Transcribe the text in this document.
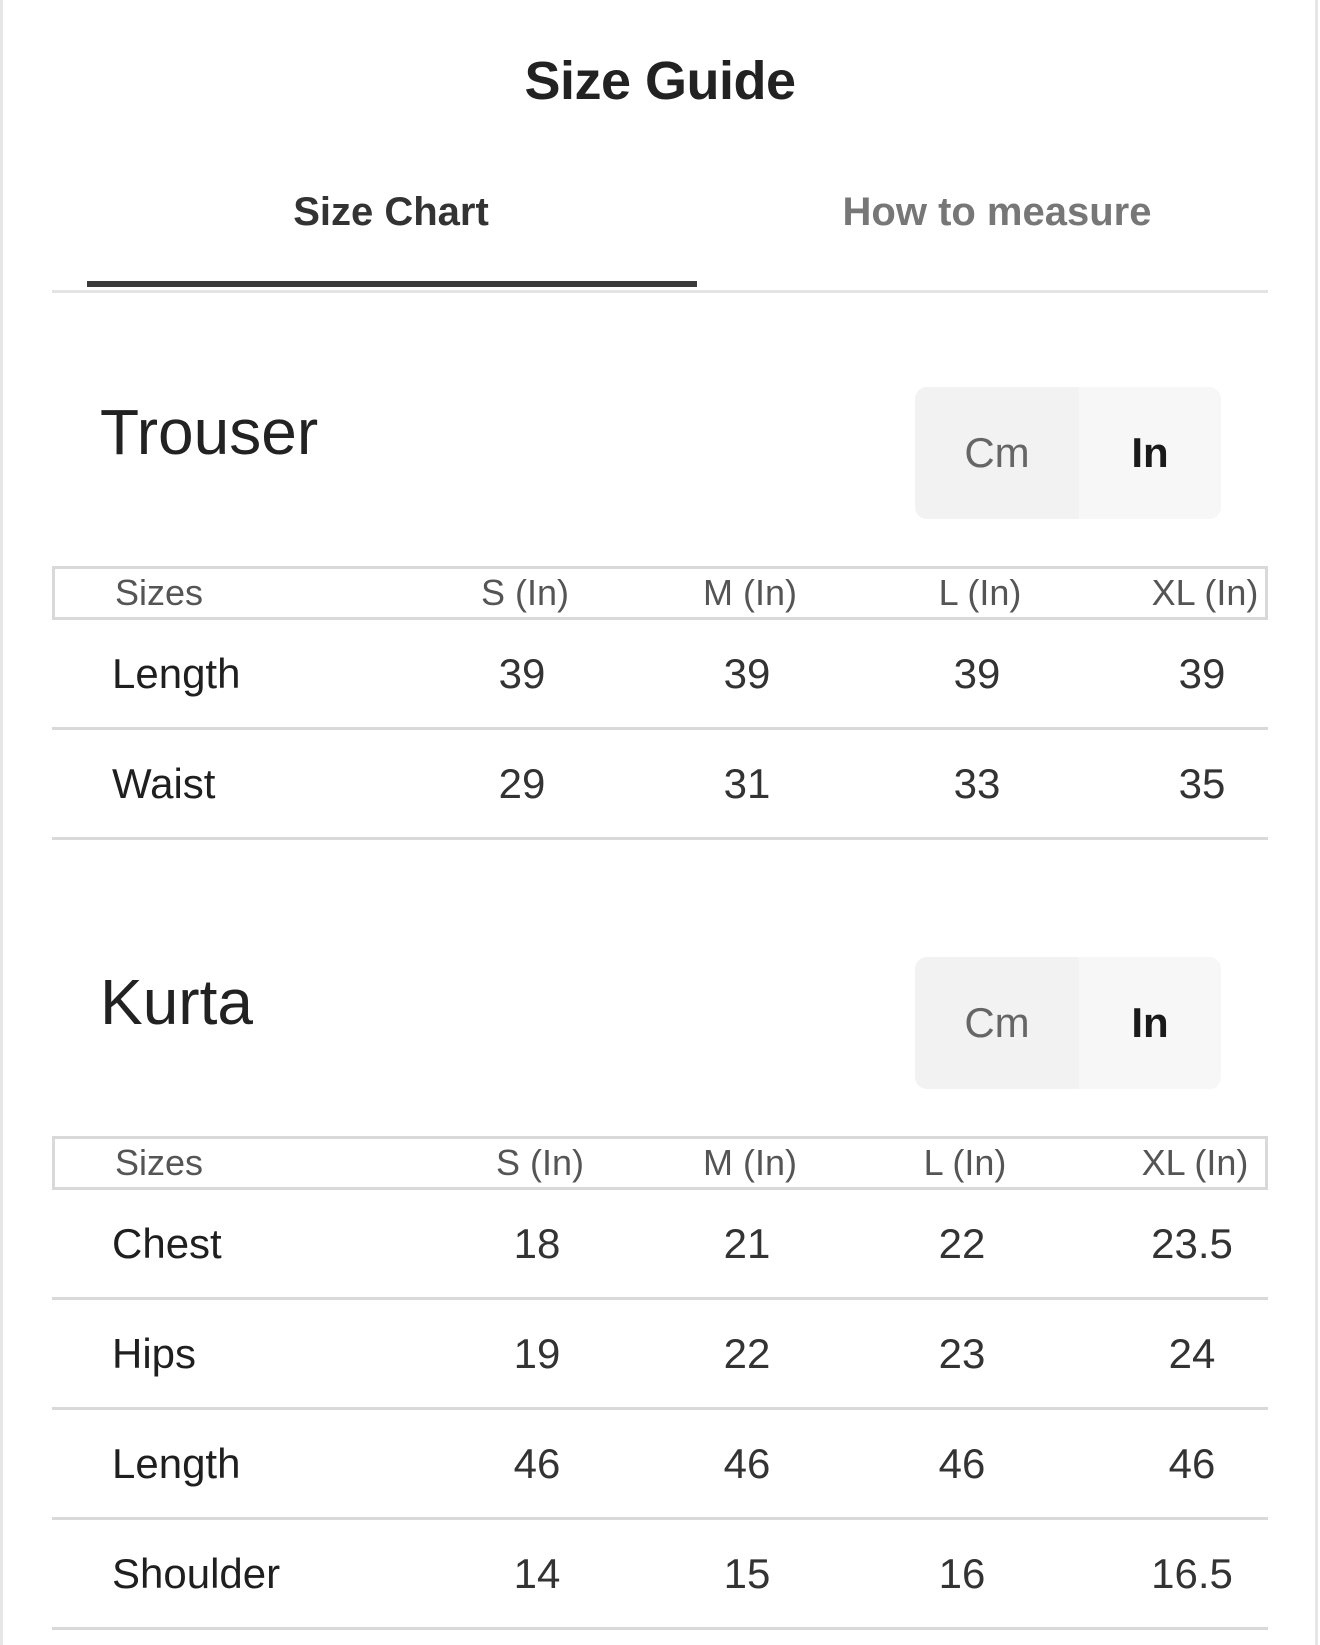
Size Guide
Size Chart	How to measure
Trouser	Cm	In
Sizes	S (In)	M (In)	L (In)	XL (In)
Length	39	39	39	39
Waist	29	31	33	35
Kurta	Cm	In
Sizes	S (In)	M (In)	L (In)	XL (In)
Chest	18	21	22	23.5
Hips	19	22	23	24
Length	46	46	46	46
Shoulder	14	15	16	16.5
